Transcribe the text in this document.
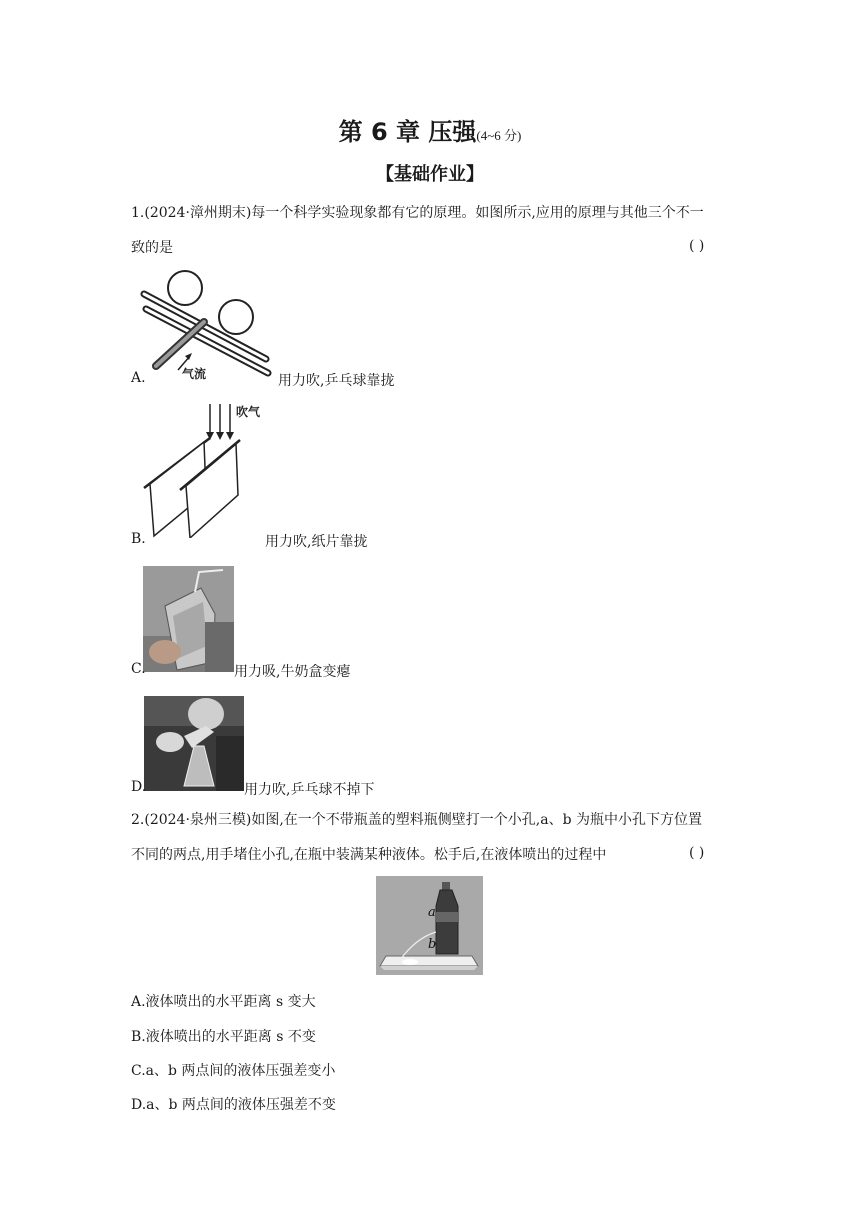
第 6 章 压强(4~6 分)
【基础作业】
1.(2024·漳州期末)每一个科学实验现象都有它的原理。如图所示,应用的原理与其他三个不一
致的是	( )
气流
A.	用力吹,乒乓球靠拢
吹气
B.	用力吹,纸片靠拢
C.	用力吸,牛奶盒变瘪
D.	用力吹,乒乓球不掉下
2.(2024·泉州三模)如图,在一个不带瓶盖的塑料瓶侧壁打一个小孔,a、b 为瓶中小孔下方位置
不同的两点,用手堵住小孔,在瓶中装满某种液体。松手后,在液体喷出的过程中	( )
a
b
A.液体喷出的水平距离 s 变大
B.液体喷出的水平距离 s 不变
C.a、b 两点间的液体压强差变小
D.a、b 两点间的液体压强差不变
